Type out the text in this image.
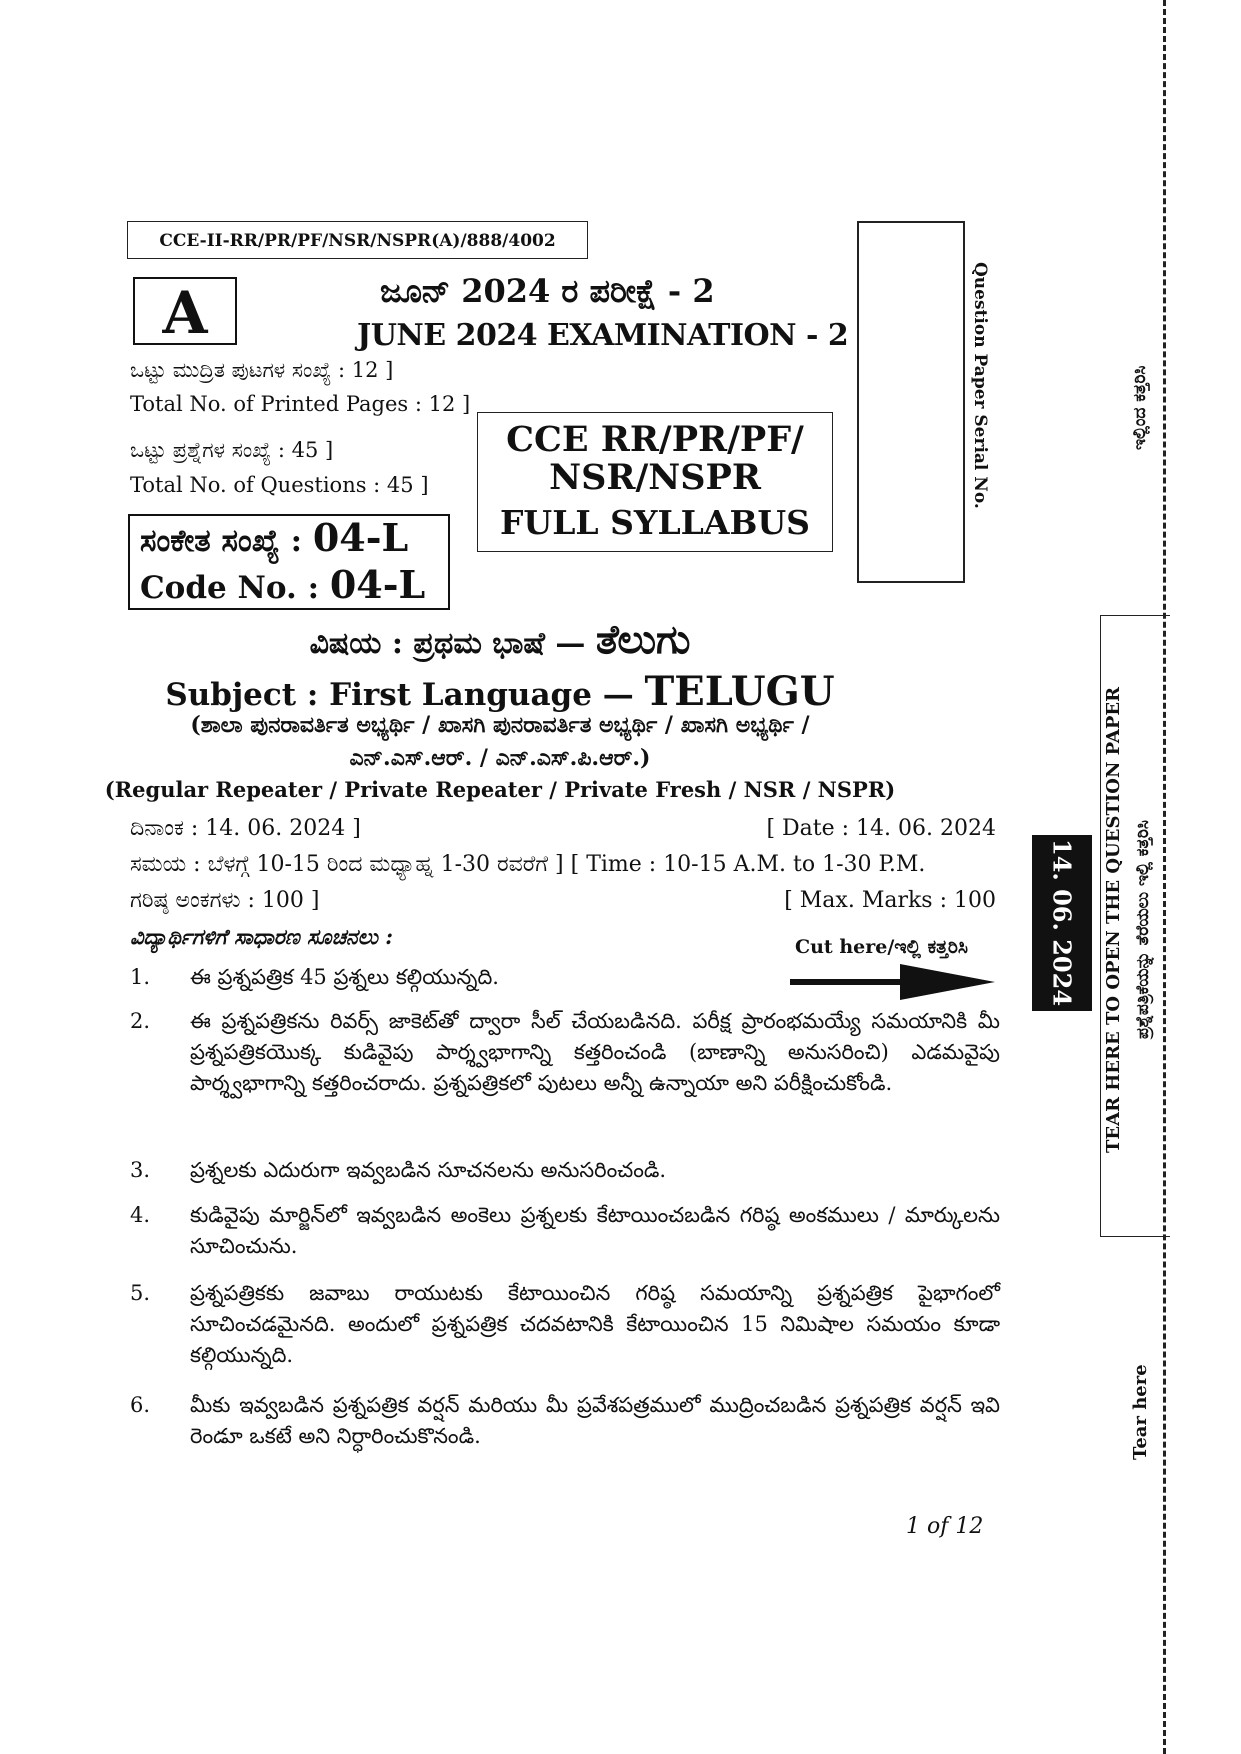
CCE-II-RR/PR/PF/NSR/NSPR(A)/888/4002
A	ಜೂನ್ 2024 ರ ಪರೀಕ್ಷೆ - 2
JUNE 2024 EXAMINATION - 2	Question Paper Serial No.
ಒಟ್ಟು ಮುದ್ರಿತ ಪುಟಗಳ ಸಂಖ್ಯೆ : 12 ]
Total No. of Printed Pages : 12 ]
ಒಟ್ಟು ಪ್ರಶ್ನೆಗಳ ಸಂಖ್ಯೆ : 45 ]
Total No. of Questions : 45 ]
CCE RR/PR/PF/
NSR/NSPR
FULL SYLLABUS
ಸಂಕೇತ ಸಂಖ್ಯೆ : 04-L
Code No. : 04-L
ವಿಷಯ : ಪ್ರಥಮ ಭಾಷೆ — ತೆಲುಗು
Subject : First Language — TELUGU
(ಶಾಲಾ ಪುನರಾವರ್ತಿತ ಅಭ್ಯರ್ಥಿ / ಖಾಸಗಿ ಪುನರಾವರ್ತಿತ ಅಭ್ಯರ್ಥಿ / ಖಾಸಗಿ ಅಭ್ಯರ್ಥಿ /
ಎನ್.ಎಸ್.ಆರ್. / ಎನ್.ಎಸ್.ಪಿ.ಆರ್.)
(Regular Repeater / Private Repeater / Private Fresh / NSR / NSPR)
ದಿನಾಂಕ : 14. 06. 2024 ]	[ Date : 14. 06. 2024
ಸಮಯ : ಬೆಳಗ್ಗೆ 10-15 ರಿಂದ ಮಧ್ಯಾಹ್ನ 1-30 ರವರೆಗೆ ] [ Time : 10-15 A.M. to 1-30 P.M.
ಗರಿಷ್ಠ ಅಂಕಗಳು : 100 ]	[ Max. Marks : 100
ವಿದ್ಯಾರ್ಥಿಗಳಿಗೆ ಸಾಧಾರಣ ಸೂಚನಲು :	Cut here/ಇಲ್ಲಿ ಕತ್ತರಿಸಿ
1.	ఈ ప్రశ్నపత్రిక 45 ప్రశ్నలు కల్గియున్నది.
2.	ఈ ప్రశ్నపత్రికను రివర్స్ జాకెట్‌తో ద్వారా సీల్ చేయబడినది. పరీక్ష ప్రారంభమయ్యే సమయానికి మీ ప్రశ్నపత్రికయొక్క కుడివైపు పార్శ్వభాగాన్ని కత్తరించండి (బాణాన్ని అనుసరించి) ఎడమవైపు పార్శ్వభాగాన్ని కత్తరించరాదు. ప్రశ్నపత్రికలో పుటలు అన్నీ ఉన్నాయా అని పరీక్షించుకోండి.
3.	ప్రశ్నలకు ఎదురుగా ఇవ్వబడిన సూచనలను అనుసరించండి.
4.	కుడివైపు మార్జిన్‌లో ఇవ్వబడిన అంకెలు ప్రశ్నలకు కేటాయించబడిన గరిష్ఠ అంకములు / మార్కులను సూచించును.
5.	ప్రశ్నపత్రికకు జవాబు రాయుటకు కేటాయించిన గరిష్ఠ సమయాన్ని ప్రశ్నపత్రిక పైభాగంలో సూచించడమైనది. అందులో ప్రశ్నపత్రిక చదవటానికి కేటాయించిన 15 నిమిషాల సమయం కూడా కల్గియున్నది.
6.	మీకు ఇవ్వబడిన ప్రశ్నపత్రిక వర్షన్ మరియు మీ ప్రవేశపత్రములో ముద్రించబడిన ప్రశ్నపత్రిక వర్షన్ ఇవి రెండూ ఒకటే అని నిర్ధారించుకొనండి.
1 of 12
14. 06. 2024	TEAR HERE TO OPEN THE QUESTION PAPER ಪ್ರಶ್ನೆಪತ್ರಿಕೆಯನ್ನು ತೆರೆಯಲು ಇಲ್ಲಿ ಕತ್ತರಿಸಿ
ಇಲ್ಲಿಂದ ಕತ್ತರಿಸಿ
Tear here
